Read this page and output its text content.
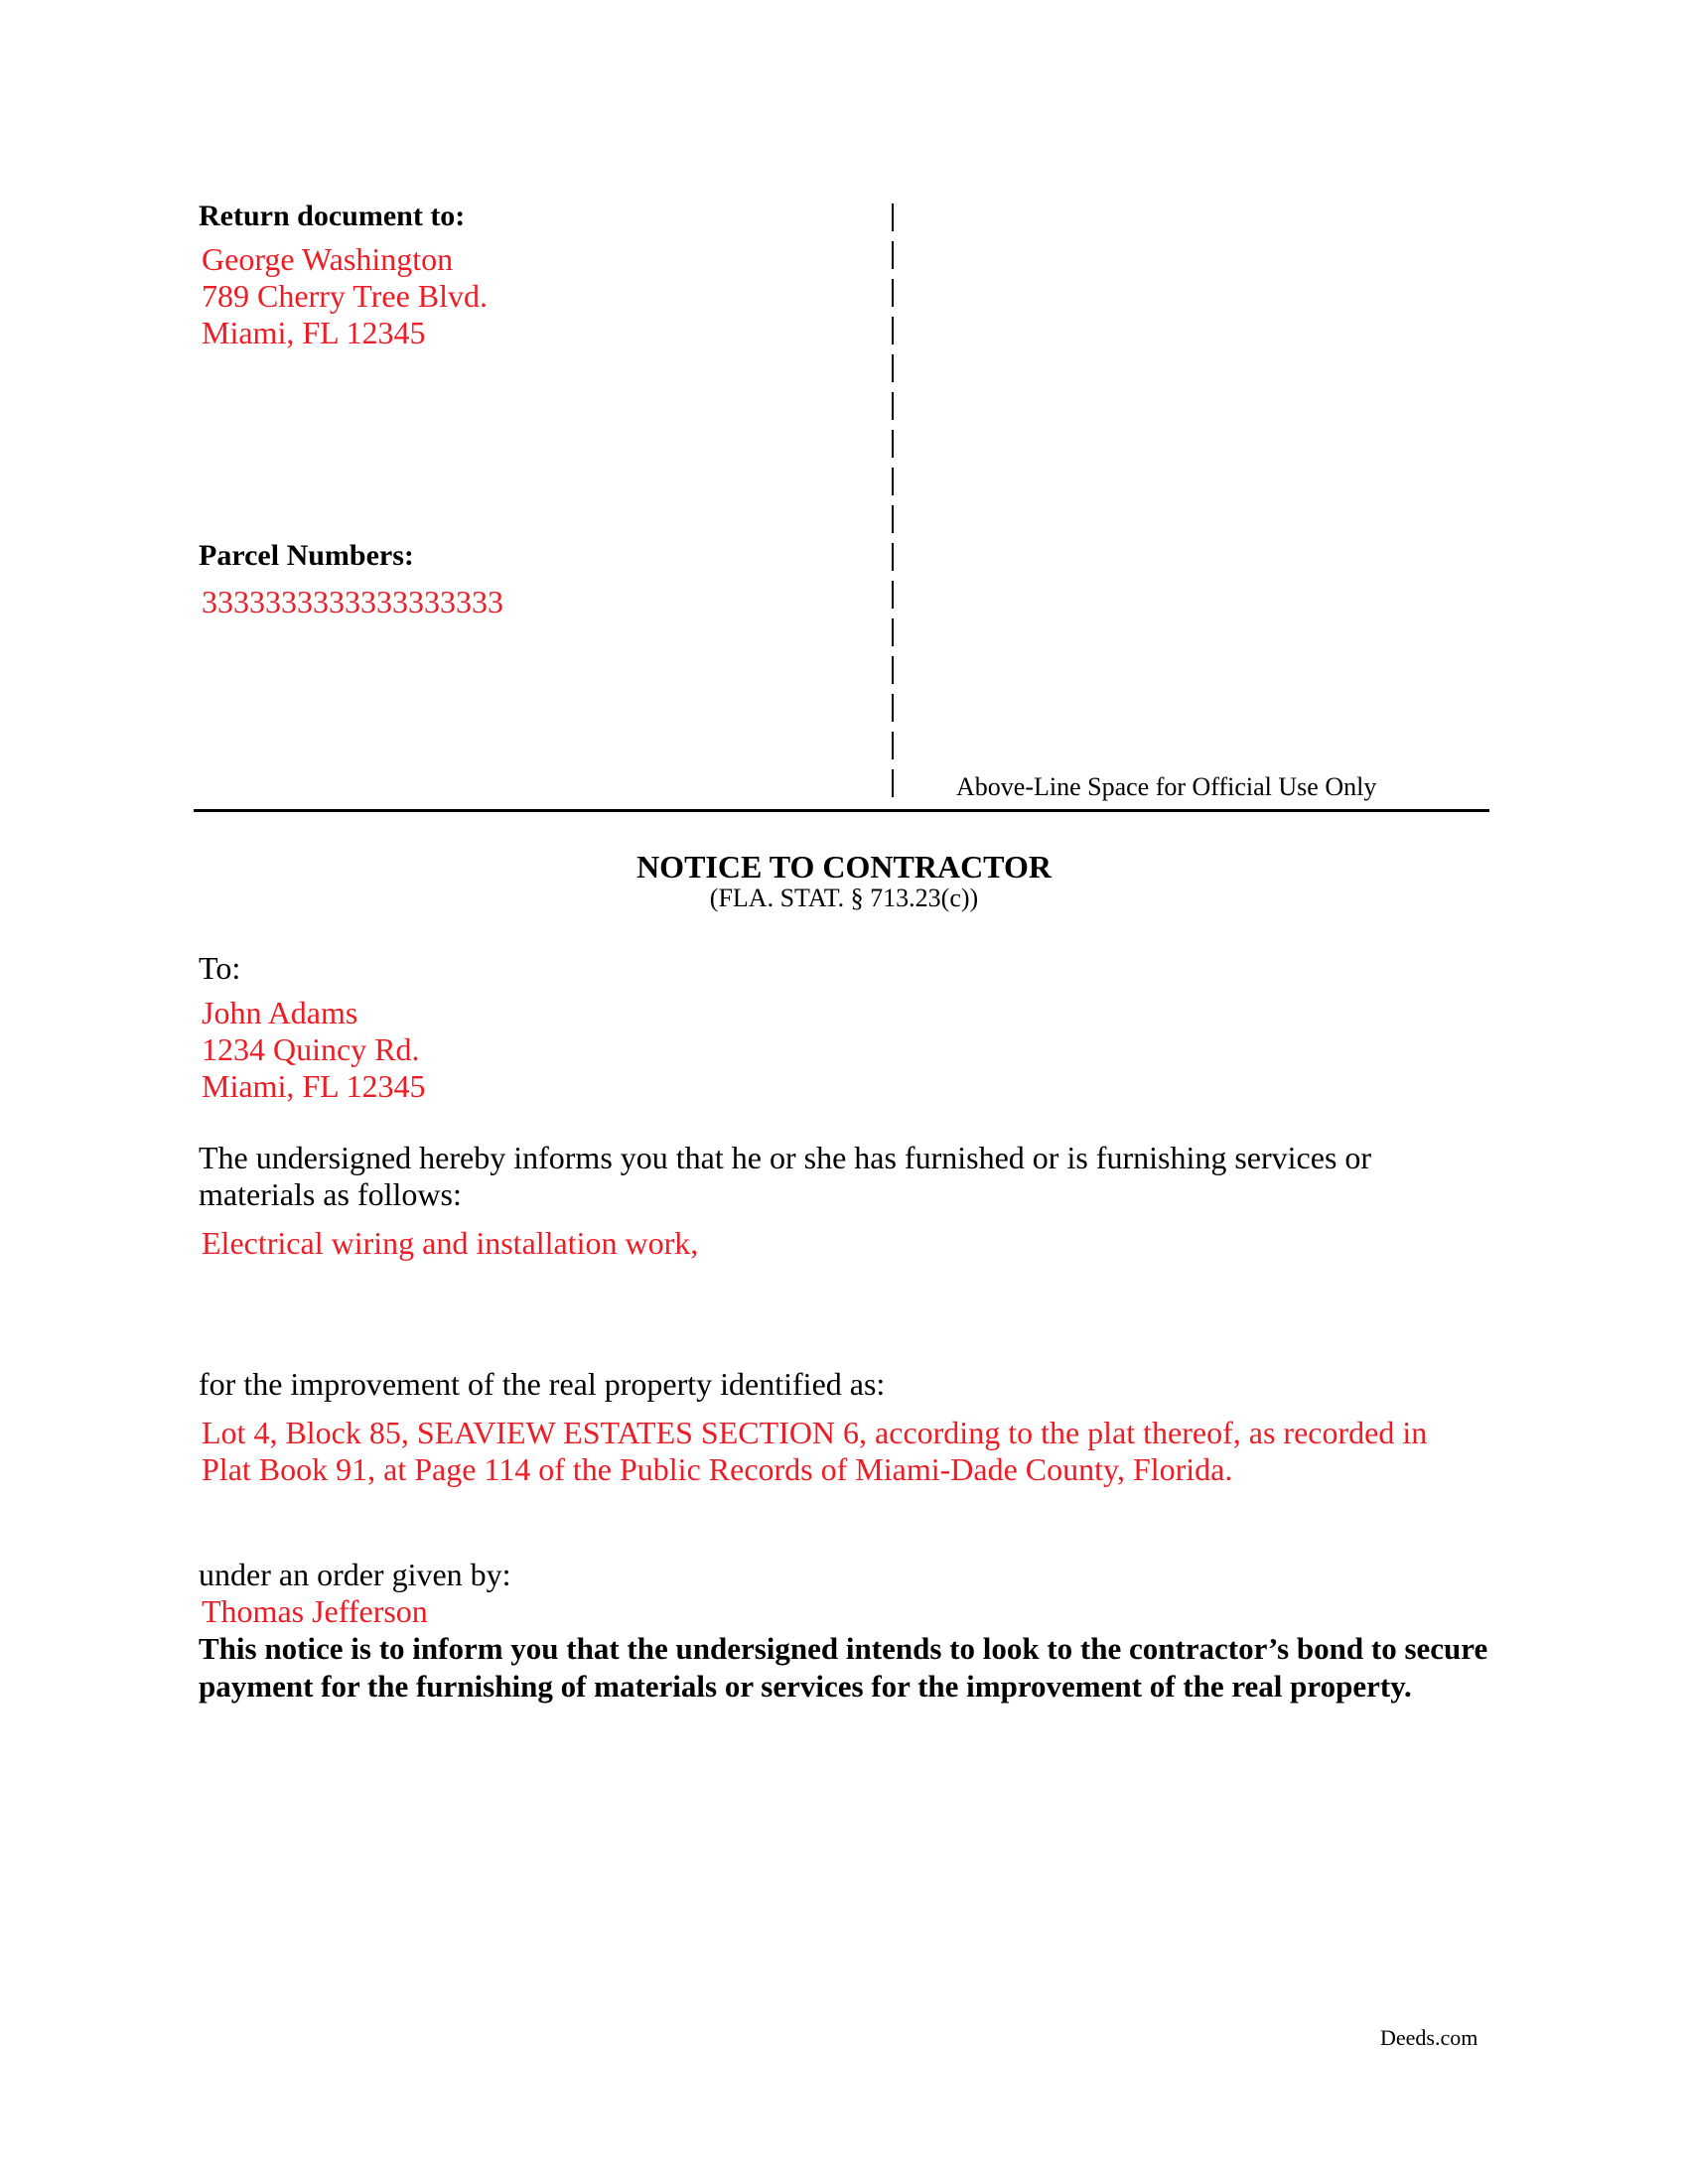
Return document to:
George Washington
789 Cherry Tree Blvd.
Miami, FL 12345
Parcel Numbers:
3333333333333333333
Above-Line Space for Official Use Only
NOTICE TO CONTRACTOR
(FLA. STAT. § 713.23(c))
To:
John Adams
1234 Quincy Rd.
Miami, FL 12345
The undersigned hereby informs you that he or she has furnished or is furnishing services or materials as follows:
Electrical wiring and installation work,
for the improvement of the real property identified as:
Lot 4, Block 85, SEAVIEW ESTATES SECTION 6, according to the plat thereof, as recorded in Plat Book 91, at Page 114 of the Public Records of Miami-Dade County, Florida.
under an order given by:
Thomas Jefferson
This notice is to inform you that the undersigned intends to look to the contractor’s bond to secure payment for the furnishing of materials or services for the improvement of the real property.
Deeds.com
